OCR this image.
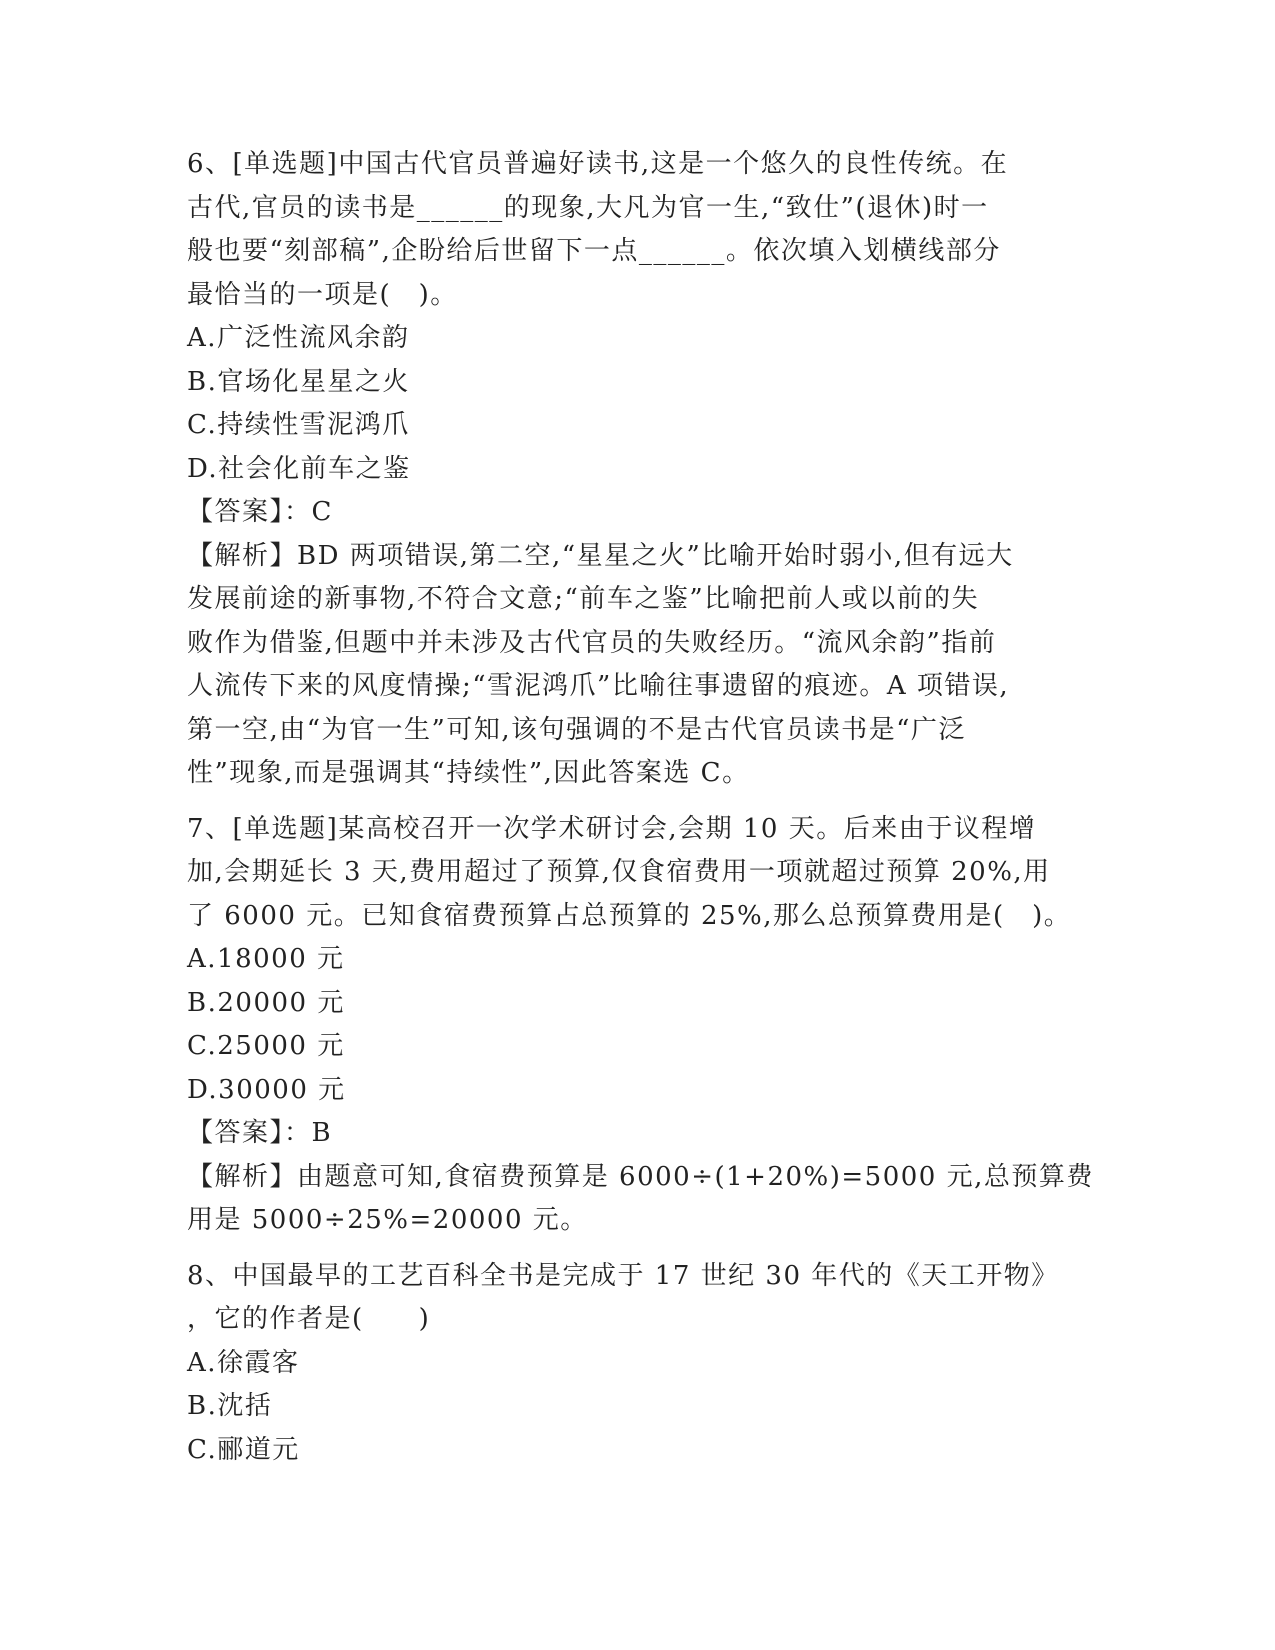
6、[单选题]中国古代官员普遍好读书,这是一个悠久的良性传统。在

古代,官员的读书是______的现象,大凡为官一生,“致仕”(退休)时一

般也要“刻部稿”,企盼给后世留下一点______。依次填入划横线部分

最恰当的一项是(　)。

A.广泛性流风余韵

B.官场化星星之火

C.持续性雪泥鸿爪

D.社会化前车之鉴

【答案】：C

【解析】BD 两项错误,第二空,“星星之火”比喻开始时弱小,但有远大

发展前途的新事物,不符合文意;“前车之鉴”比喻把前人或以前的失

败作为借鉴,但题中并未涉及古代官员的失败经历。“流风余韵”指前

人流传下来的风度情操;“雪泥鸿爪”比喻往事遗留的痕迹。A 项错误,

第一空,由“为官一生”可知,该句强调的不是古代官员读书是“广泛

性”现象,而是强调其“持续性”,因此答案选 C。

7、[单选题]某高校召开一次学术研讨会,会期 10 天。后来由于议程增

加,会期延长 3 天,费用超过了预算,仅食宿费用一项就超过预算 20%,用

了 6000 元。已知食宿费预算占总预算的 25%,那么总预算费用是(　)。

A.18000 元

B.20000 元

C.25000 元

D.30000 元

【答案】：B

【解析】由题意可知,食宿费预算是 6000÷(1+20%)=5000 元,总预算费

用是 5000÷25%=20000 元。

8、中国最早的工艺百科全书是完成于 17 世纪 30 年代的《天工开物》

，它的作者是(　　)

A.徐霞客

B.沈括

C.郦道元
